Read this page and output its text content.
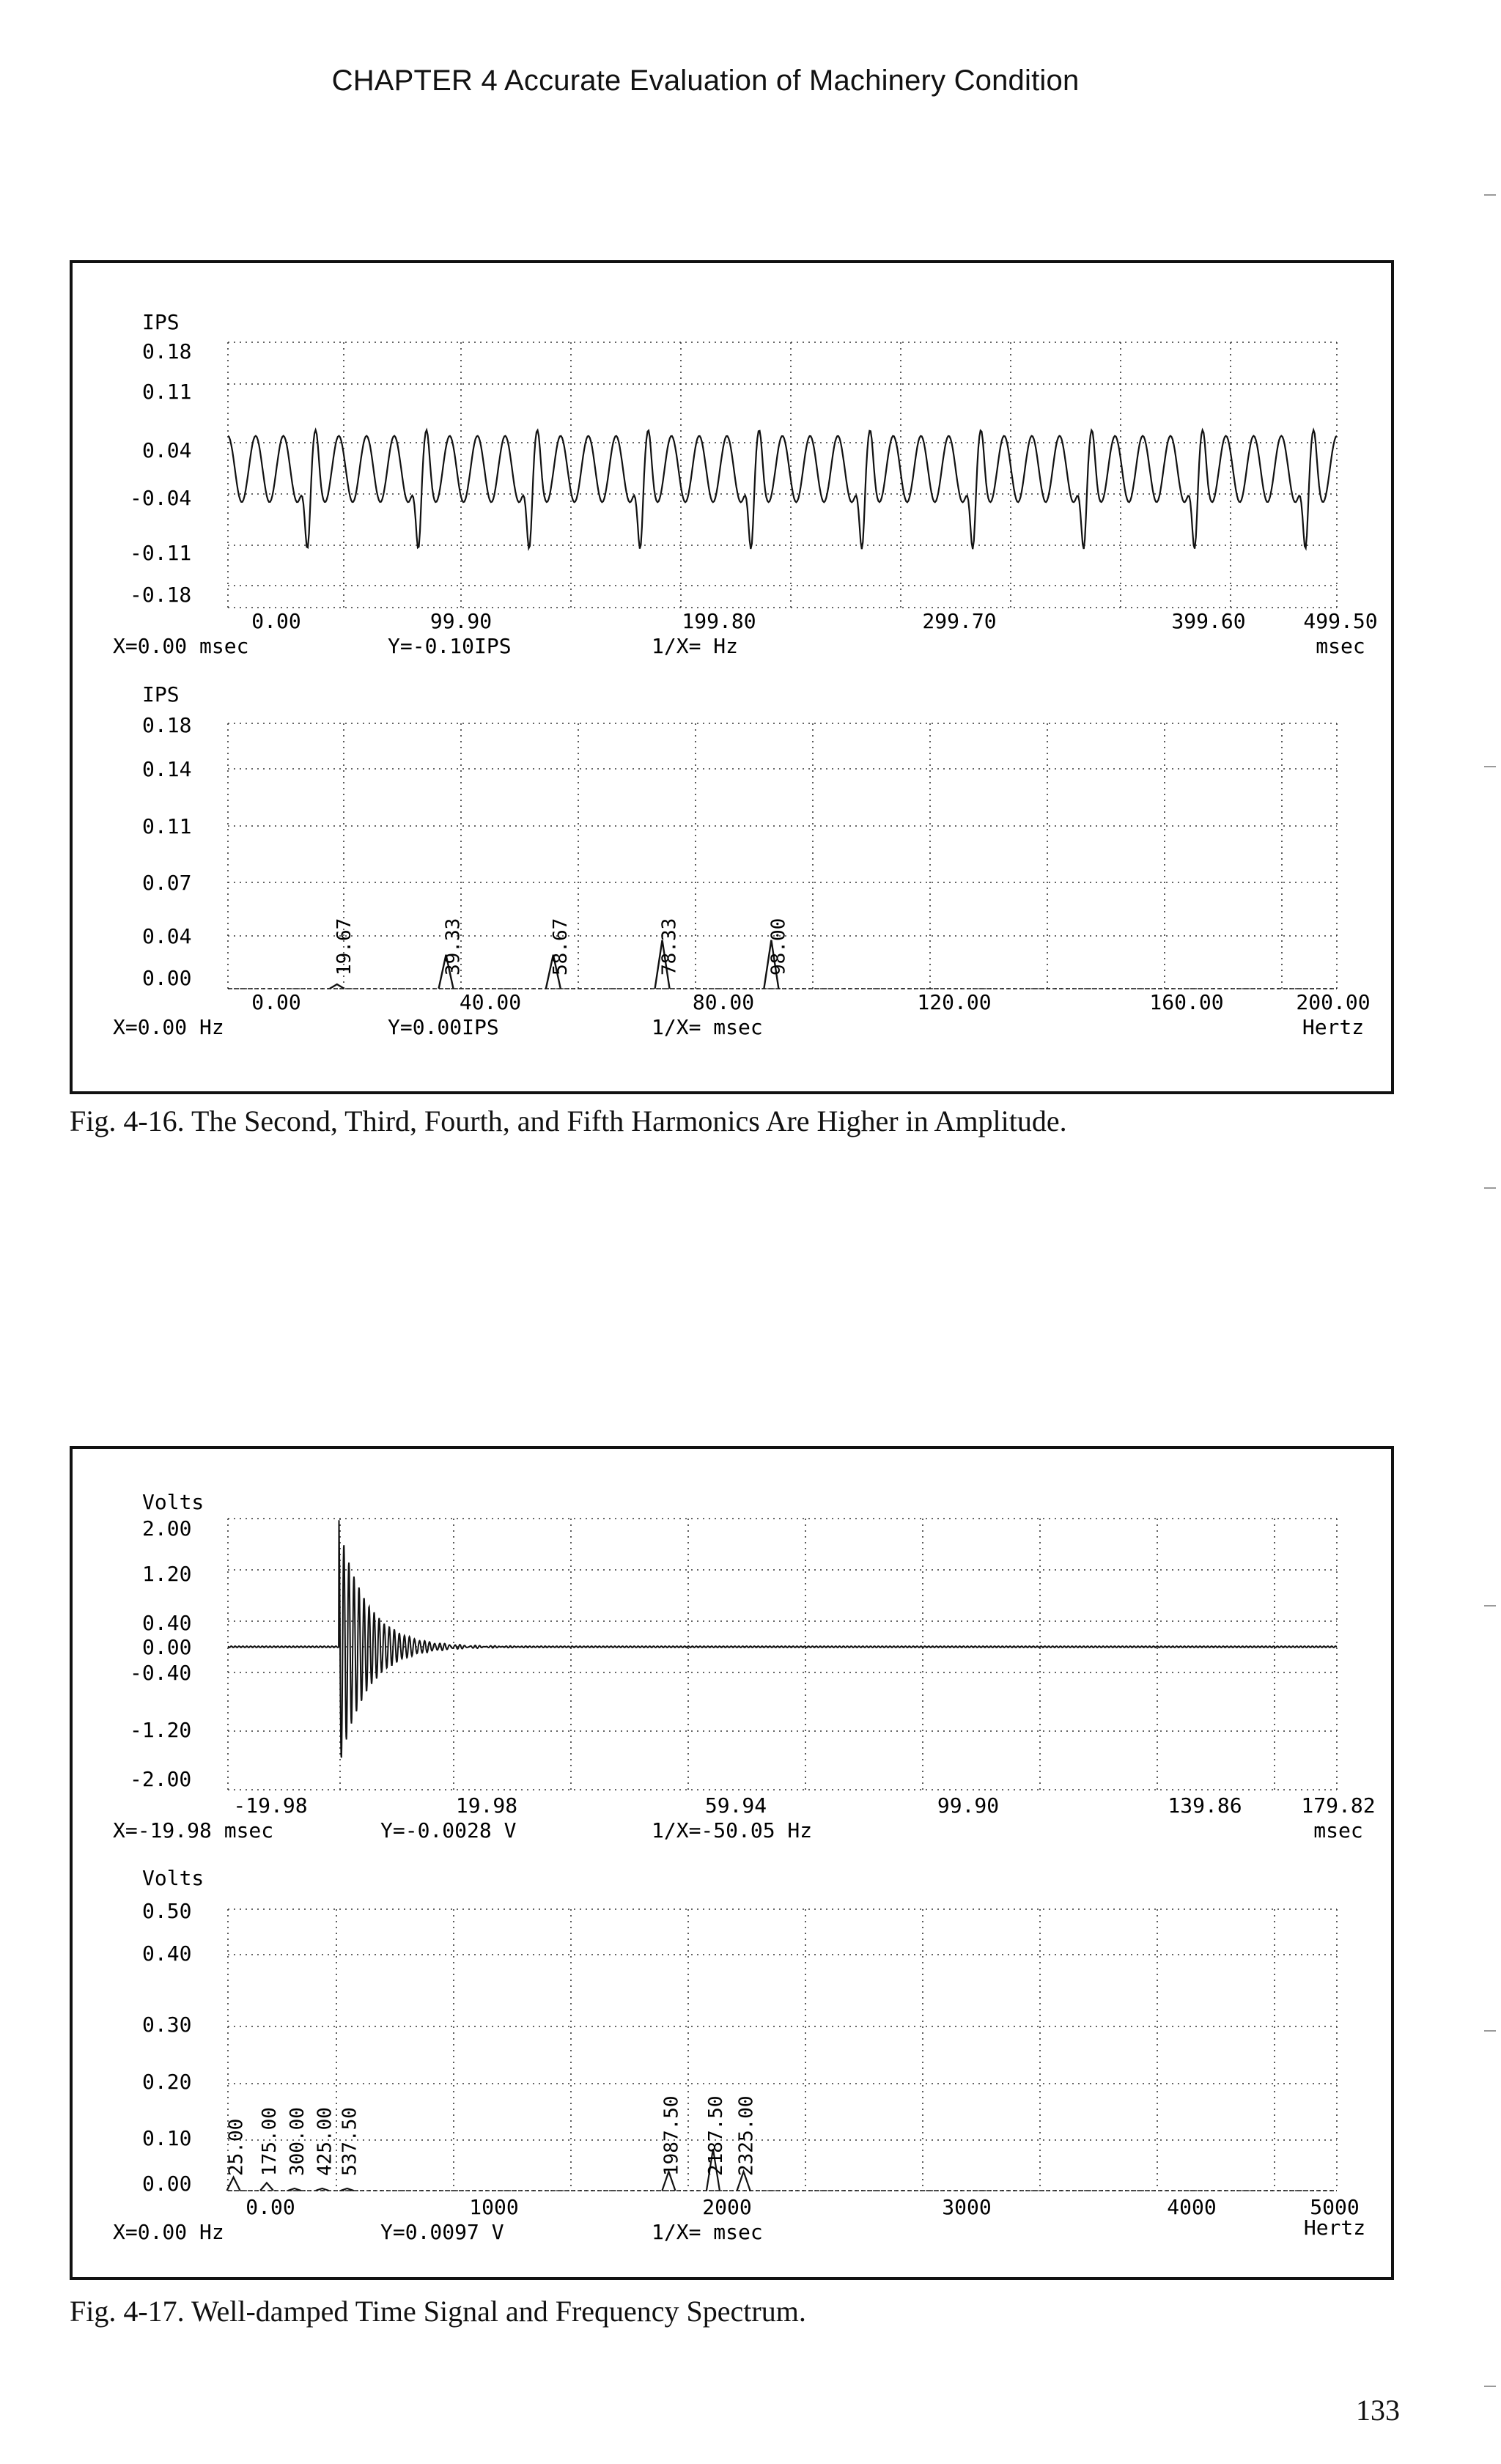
CHAPTER 4 Accurate Evaluation of Machinery Condition
IPS
0.18
0.11
0.04
-0.04
-0.11
-0.18
0.00	99.90	199.80	299.70	399.60	499.50
X=0.00 msec	Y=-0.10IPS	1/X= Hz	msec
IPS
0.18
0.14
0.11
0.07
0.04
0.00
19.67	39.33	58.67	78.33	98.00
0.00	40.00	80.00	120.00	160.00	200.00
X=0.00 Hz	Y=0.00IPS	1/X= msec	Hertz
Fig. 4-16. The Second, Third, Fourth, and Fifth Harmonics Are Higher in Amplitude.
Volts
2.00
1.20
0.40
0.00
-0.40
-1.20
-2.00
-19.98	19.98	59.94	99.90	139.86	179.82
X=-19.98 msec	Y=-0.0028 V	1/X=-50.05 Hz	msec
Volts
0.50
0.40
0.30
0.20
0.10
0.00
25.00 175.00 300.00 425.00 537.50	1987.50 2187.50 2325.00
0.00	1000	2000	3000	4000	5000
X=0.00 Hz	Y=0.0097 V	1/X= msec	Hertz
Fig. 4-17. Well-damped Time Signal and Frequency Spectrum.
133
